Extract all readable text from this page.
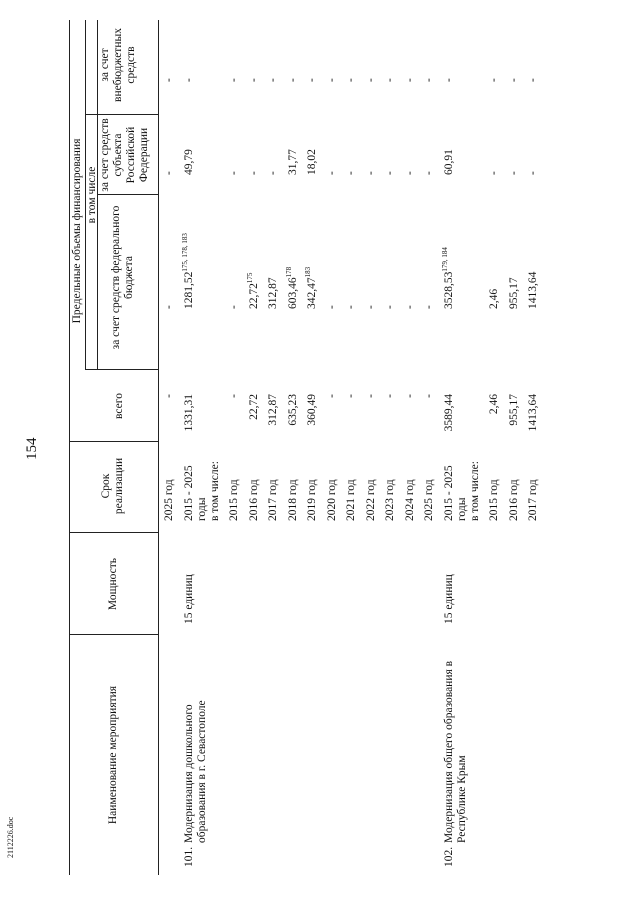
154
Наименование мероприятия
Мощность
Срок реализации
Предельные объемы финансирования
всего
в том числе
за счет средств федерального бюджета
за счет средств субъекта Российской Федерации
за счет внебюджетных средств
2025 год
-
-
-
-
101.
Модернизация дошкольного образования в г. Севастополе
15 единиц
2015 - 2025 годы
1331,31
1281,52$^{175, 178, 183}$
49,79
-
в том числе: 2015 год
-
-
-
-
2016 год
22,72
22,72$^{175}$
-
-
2017 год
312,87
312,87
-
-
2018 год
635,23
603,46$^{178}$
31,77
-
2019 год
360,49
342,47$^{183}$
18,02
-
2020 год
-
-
-
-
2021 год
-
-
-
-
2022 год
-
-
-
-
2023 год
-
-
-
-
2024 год
-
-
-
-
2025 год
-
-
-
-
102.
Модернизация общего образования в Республике Крым
15 единиц
2015 - 2025 годы
3589,44
3528,53$^{179, 184}$
60,91
-
в том числе: 2015 год
2,46
2,46
-
-
2016 год
955,17
955,17
-
-
2017 год
1413,64
1413,64
-
-
2112226.doc
